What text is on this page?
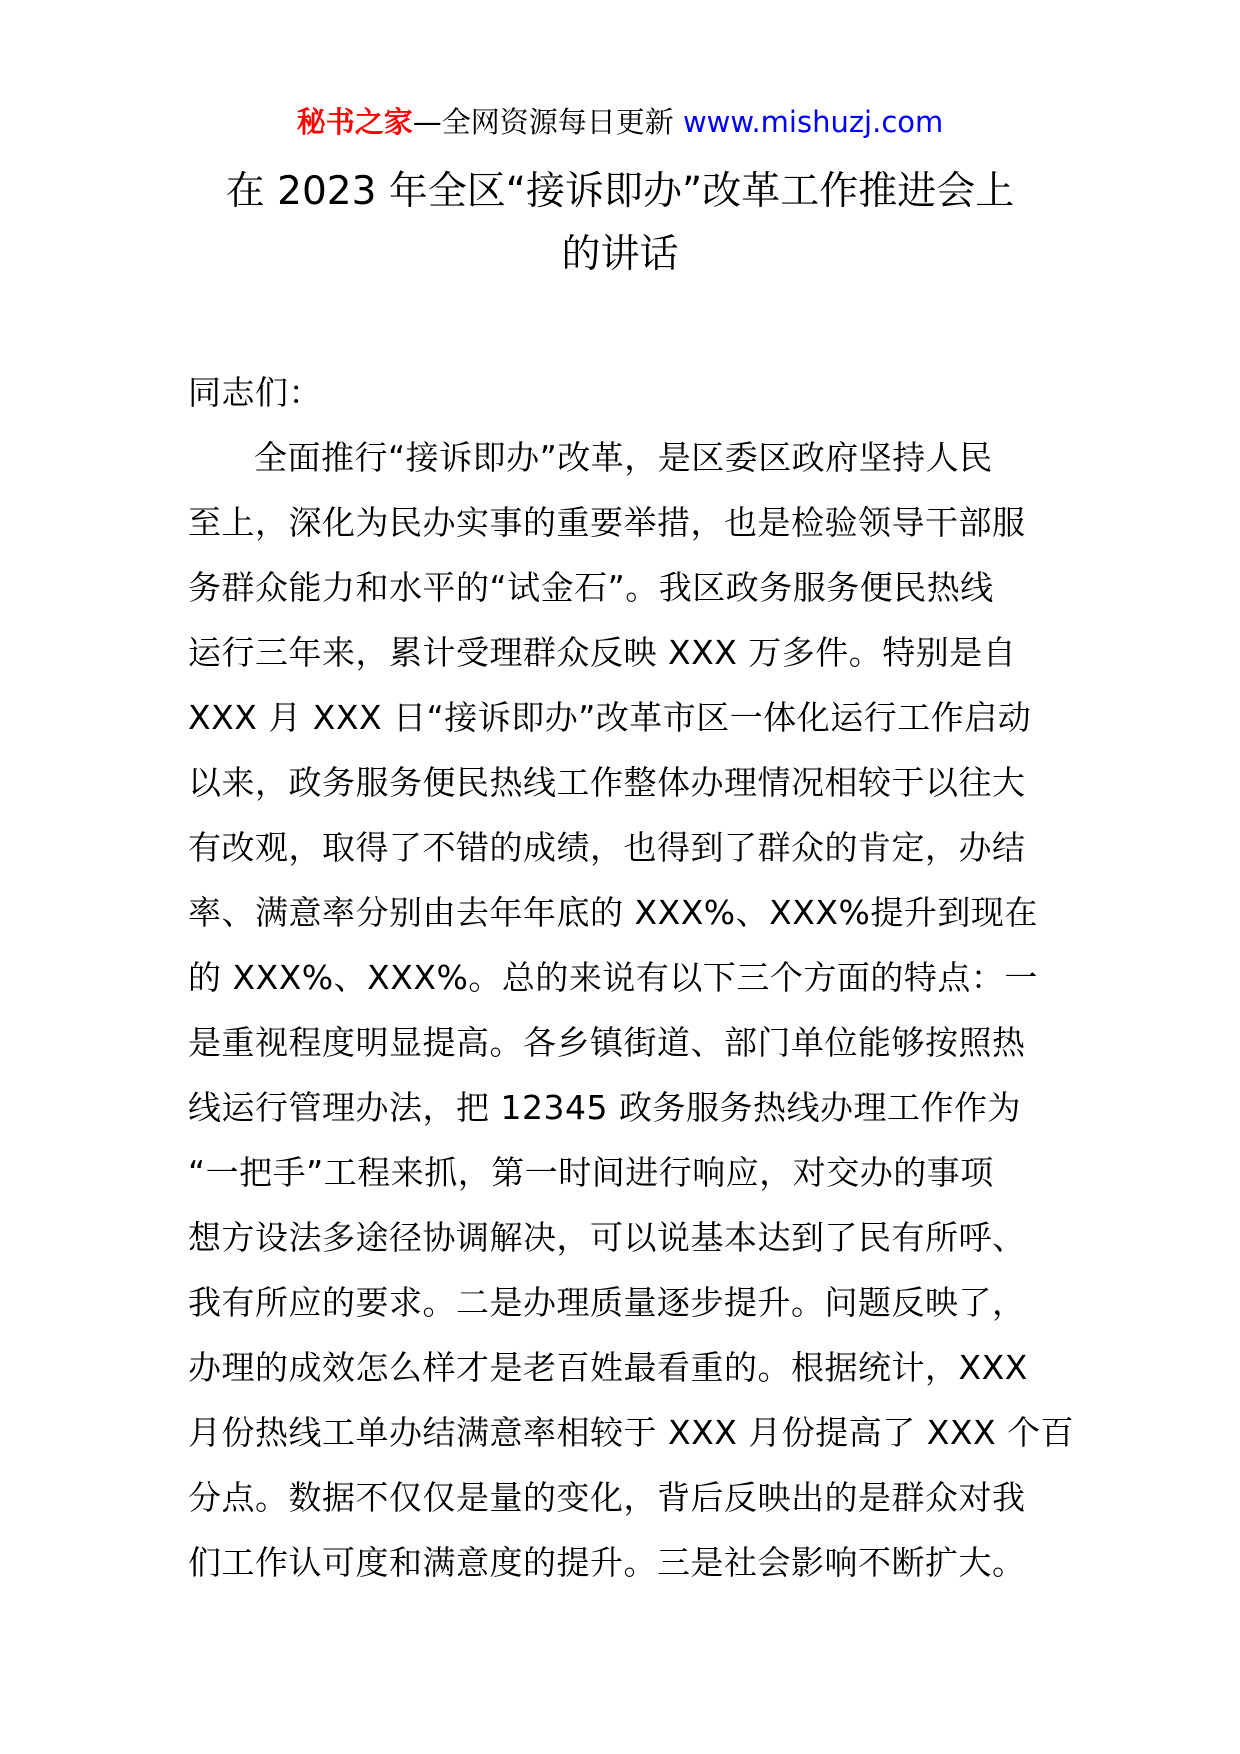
秘书之家—全网资源每日更新 www.mishuzj.com
在 2023 年全区“接诉即办”改革工作推进会上
的讲话
同志们：
全面推行“接诉即办”改革，是区委区政府坚持人民
至上，深化为民办实事的重要举措，也是检验领导干部服
务群众能力和水平的“试金石”。我区政务服务便民热线
运行三年来，累计受理群众反映 XXX 万多件。特别是自
XXX 月 XXX 日“接诉即办”改革市区一体化运行工作启动
以来，政务服务便民热线工作整体办理情况相较于以往大
有改观，取得了不错的成绩，也得到了群众的肯定，办结
率、满意率分别由去年年底的 XXX%、XXX%提升到现在
的 XXX%、XXX%。总的来说有以下三个方面的特点：一
是重视程度明显提高。各乡镇街道、部门单位能够按照热
线运行管理办法，把 12345 政务服务热线办理工作作为
“一把手”工程来抓，第一时间进行响应，对交办的事项
想方设法多途径协调解决，可以说基本达到了民有所呼、
我有所应的要求。二是办理质量逐步提升。问题反映了，
办理的成效怎么样才是老百姓最看重的。根据统计，XXX
月份热线工单办结满意率相较于 XXX 月份提高了 XXX 个百
分点。数据不仅仅是量的变化，背后反映出的是群众对我
们工作认可度和满意度的提升。三是社会影响不断扩大。
